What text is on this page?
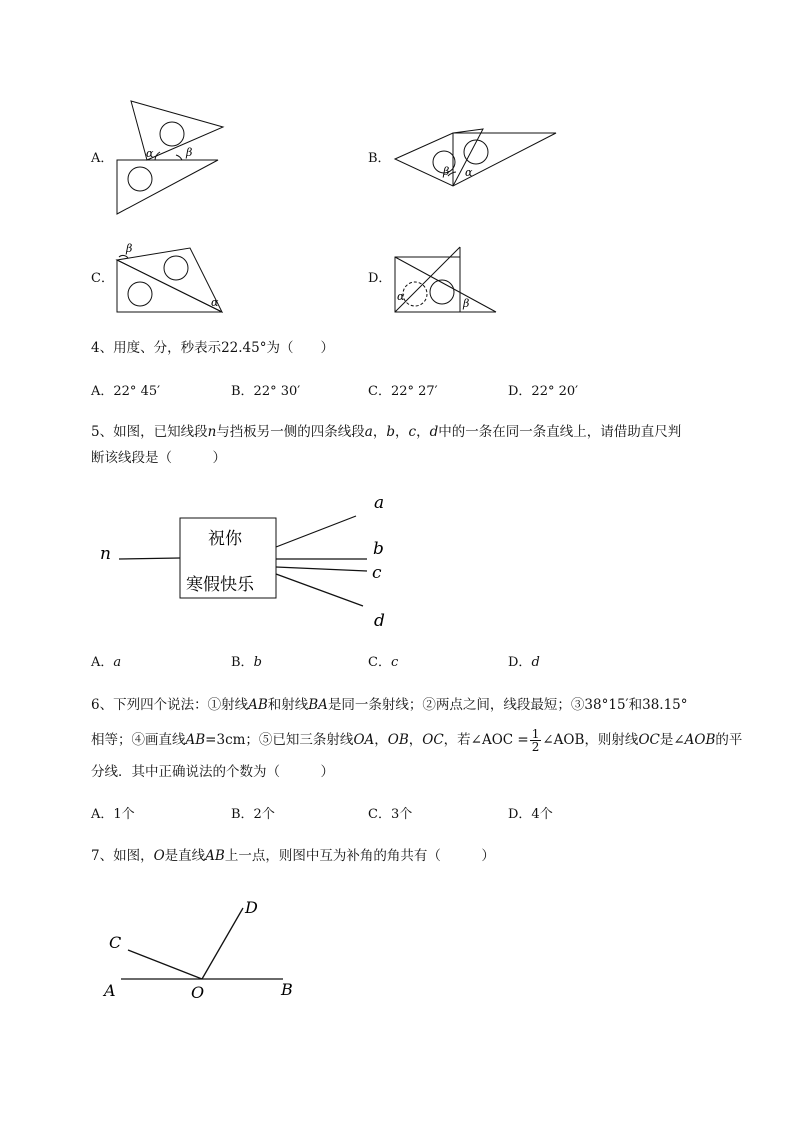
A．	α	β	B．
β α
C．
β
α
D．
α
β
4、用度、分，秒表示22.45°为（　　）
A．22° 45′	B．22° 30′	C．22° 27′	D．22° 20′
5、如图，已知线段n与挡板另一侧的四条线段a，b，c，d中的一条在同一条直线上，请借助直尺判
断该线段是（　　　）
祝你
寒假快乐
n
a
b
c
d
A．a	B．b	C．c	D．d
6、下列四个说法：①射线AB和射线BA是同一条射线；②两点之间，线段最短；③38°15′和38.15°
相等；④画直线AB=3cm；⑤已知三条射线OA，OB，OC，若∠AOC = $\frac{1}{2}$ ∠AOB，则射线OC是∠AOB的平
分线．其中正确说法的个数为（　　　）
A．1个	B．2个	C．3个	D．4个
7、如图，O是直线AB上一点，则图中互为补角的角共有（　　　）
A	B
C
D
O
